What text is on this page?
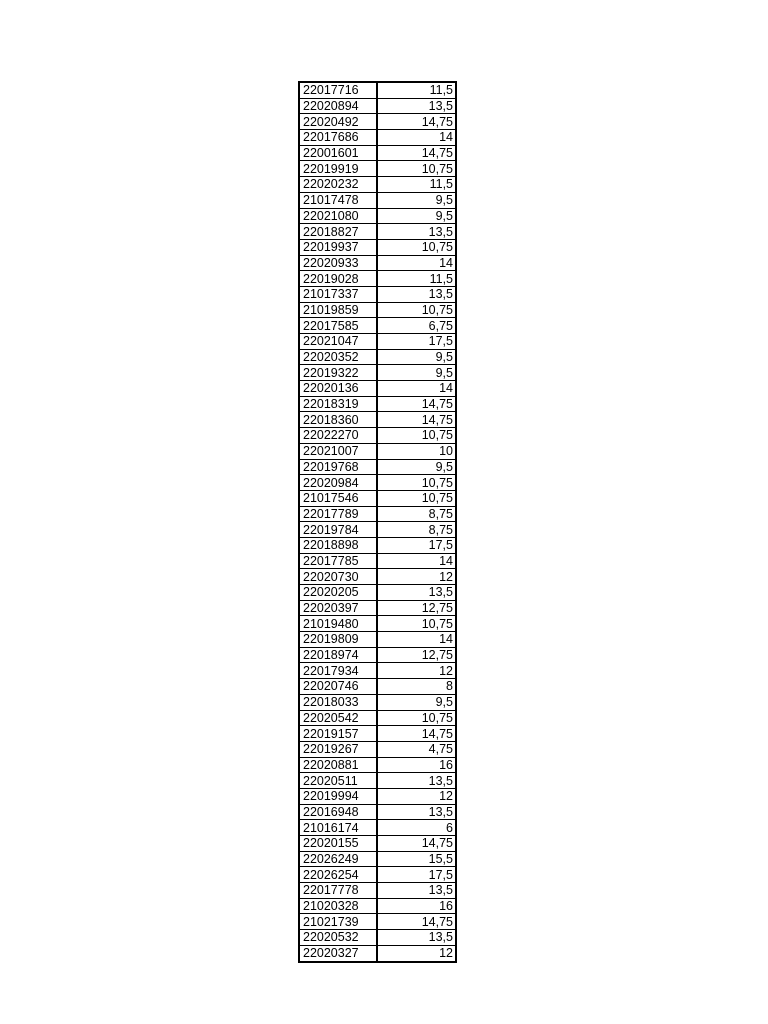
22017716	11,5
22020894	13,5
22020492	14,75
22017686	14
22001601	14,75
22019919	10,75
22020232	11,5
21017478	9,5
22021080	9,5
22018827	13,5
22019937	10,75
22020933	14
22019028	11,5
21017337	13,5
21019859	10,75
22017585	6,75
22021047	17,5
22020352	9,5
22019322	9,5
22020136	14
22018319	14,75
22018360	14,75
22022270	10,75
22021007	10
22019768	9,5
22020984	10,75
21017546	10,75
22017789	8,75
22019784	8,75
22018898	17,5
22017785	14
22020730	12
22020205	13,5
22020397	12,75
21019480	10,75
22019809	14
22018974	12,75
22017934	12
22020746	8
22018033	9,5
22020542	10,75
22019157	14,75
22019267	4,75
22020881	16
22020511	13,5
22019994	12
22016948	13,5
21016174	6
22020155	14,75
22026249	15,5
22026254	17,5
22017778	13,5
21020328	16
21021739	14,75
22020532	13,5
22020327	12
